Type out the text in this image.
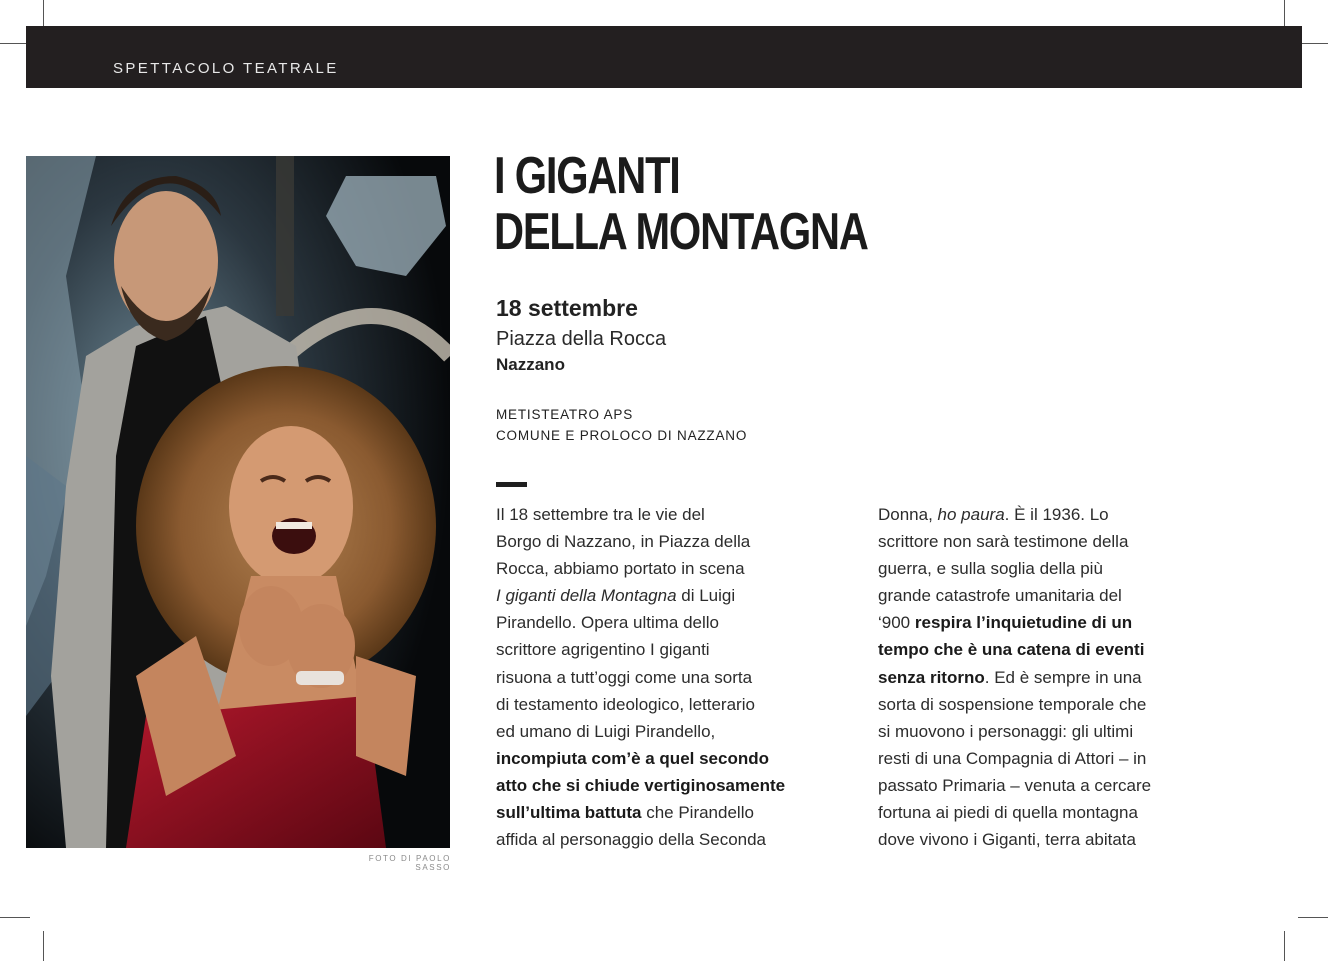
SPETTACOLO TEATRALE
FOTO DI PAOLO SASSO
I GIGANTI
DELLA MONTAGNA
18 settembre
Piazza della Rocca
Nazzano
METISTEATRO APS
COMUNE E PROLOCO DI NAZZANO
Il 18 settembre tra le vie del
Borgo di Nazzano, in Piazza della
Rocca, abbiamo portato in scena
I giganti della Montagna di Luigi
Pirandello. Opera ultima dello
scrittore agrigentino I giganti
risuona a tutt’oggi come una sorta
di testamento ideologico, letterario
ed umano di Luigi Pirandello,
incompiuta com’è a quel secondo
atto che si chiude vertiginosamente
sull’ultima battuta che Pirandello
affida al personaggio della Seconda
Donna, ho paura. È il 1936. Lo
scrittore non sarà testimone della
guerra, e sulla soglia della più
grande catastrofe umanitaria del
‘900 respira l’inquietudine di un
tempo che è una catena di eventi
senza ritorno. Ed è sempre in una
sorta di sospensione temporale che
si muovono i personaggi: gli ultimi
resti di una Compagnia di Attori – in
passato Primaria – venuta a cercare
fortuna ai piedi di quella montagna
dove vivono i Giganti, terra abitata
